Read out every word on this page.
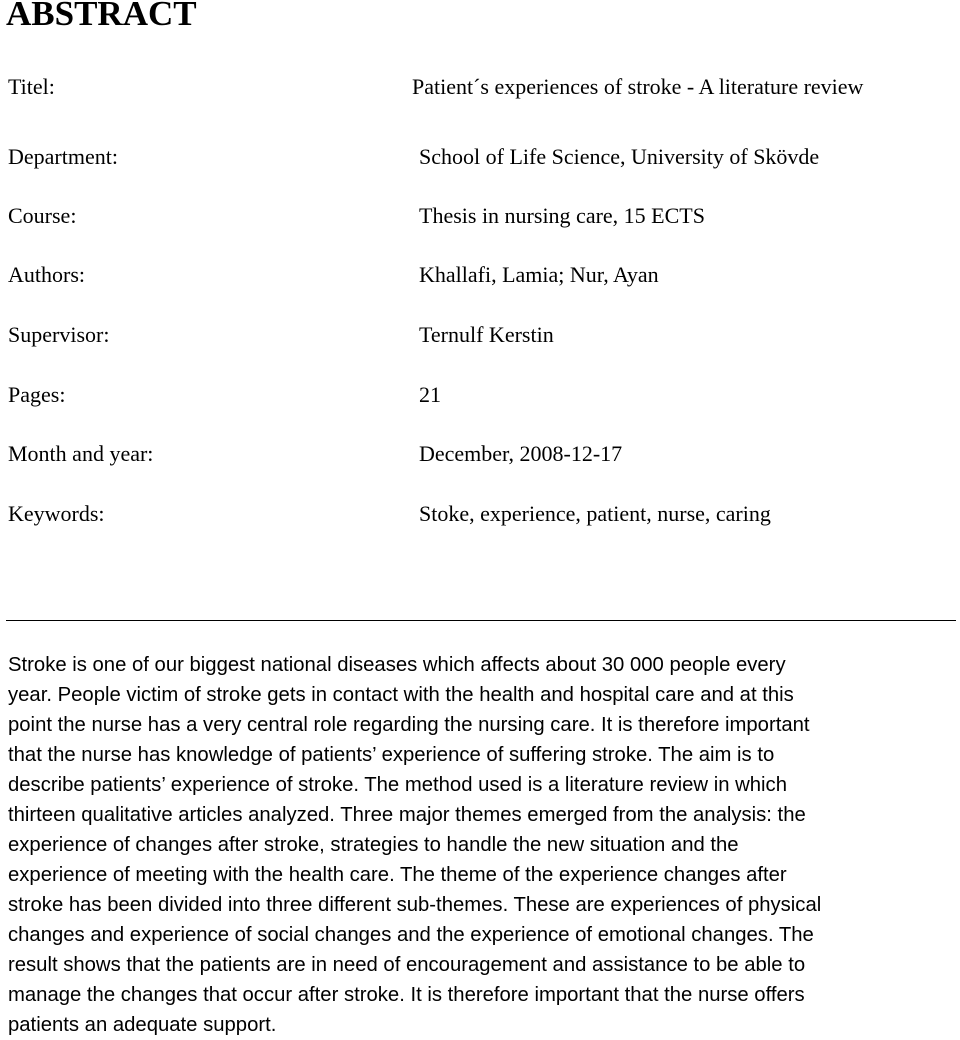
ABSTRACT
Titel:	Patient´s experiences of stroke - A literature review
Department:	School of Life Science, University of Skövde
Course:	Thesis in nursing care, 15 ECTS
Authors:	Khallafi, Lamia; Nur, Ayan
Supervisor:	Ternulf Kerstin
Pages:	21
Month and year:	December, 2008-12-17
Keywords:	Stoke, experience, patient, nurse, caring

Stroke is one of our biggest national diseases which affects about 30 000 people every
year. People victim of stroke gets in contact with the health and hospital care and at this
point the nurse has a very central role regarding the nursing care. It is therefore important
that the nurse has knowledge of patients’ experience of suffering stroke. The aim is to
describe patients’ experience of stroke. The method used is a literature review in which
thirteen qualitative articles analyzed. Three major themes emerged from the analysis: the
experience of changes after stroke, strategies to handle the new situation and the
experience of meeting with the health care. The theme of the experience changes after
stroke has been divided into three different sub-themes. These are experiences of physical
changes and experience of social changes and the experience of emotional changes. The
result shows that the patients are in need of encouragement and assistance to be able to
manage the changes that occur after stroke. It is therefore important that the nurse offers
patients an adequate support.
